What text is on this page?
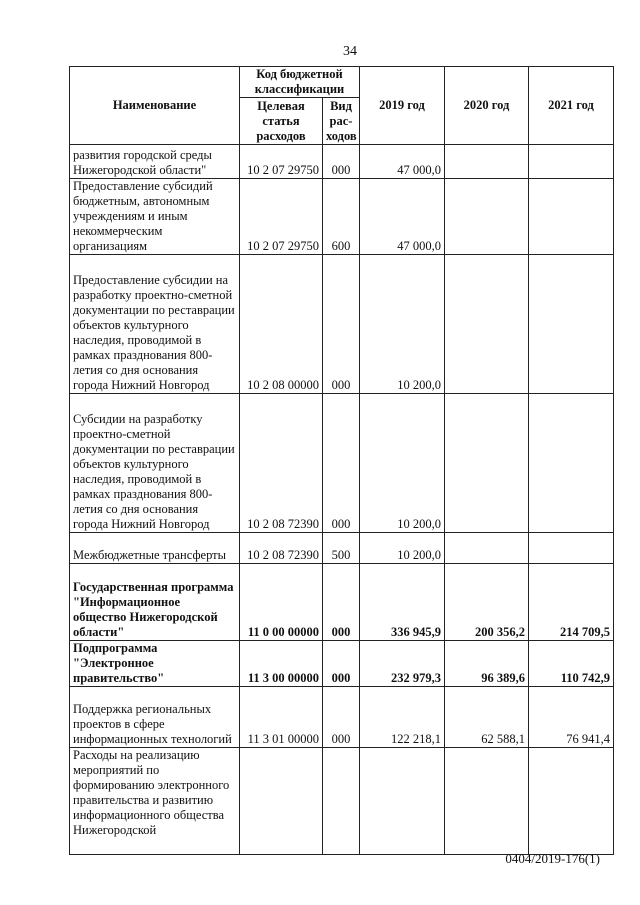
34
Наименование	Код бюджетной классификации		2019 год	2020 год	2021 год
	Целевая статья расходов	Вид рас-ходов			
развития городской среды Нижегородской области"	10 2 07 29750	000	47 000,0		
Предоставление субсидий бюджетным, автономным учреждениям и иным некоммерческим организациям	10 2 07 29750	600	47 000,0		
Предоставление субсидии на разработку проектно-сметной документации по реставрации объектов культурного наследия, проводимой в рамках празднования 800-летия со дня основания города Нижний Новгород	10 2 08 00000	000	10 200,0		
Субсидии на разработку проектно-сметной документации по реставрации объектов культурного наследия, проводимой в рамках празднования 800-летия со дня основания города Нижний Новгород	10 2 08 72390	000	10 200,0		
Межбюджетные трансферты	10 2 08 72390	500	10 200,0		
Государственная программа "Информационное общество Нижегородской области"	11 0 00 00000	000	336 945,9	200 356,2	214 709,5
Подпрограмма "Электронное правительство"	11 3 00 00000	000	232 979,3	96 389,6	110 742,9
Поддержка региональных проектов в сфере информационных технологий	11 3 01 00000	000	122 218,1	62 588,1	76 941,4
Расходы на реализацию мероприятий по формированию электронного правительства и развитию информационного общества Нижегородской					
0404/2019-176(1)
